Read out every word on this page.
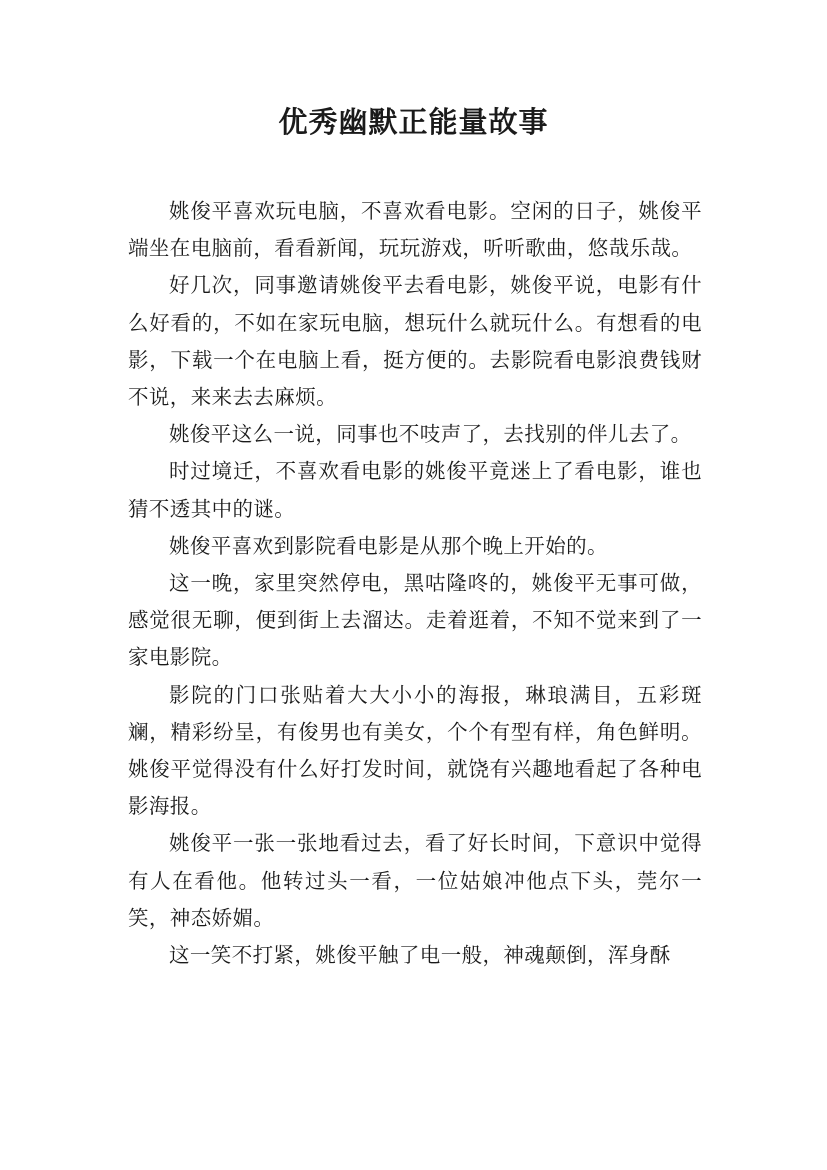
优秀幽默正能量故事

姚俊平喜欢玩电脑，不喜欢看电影。空闲的日子，姚俊平端坐在电脑前，看看新闻，玩玩游戏，听听歌曲，悠哉乐哉。

好几次，同事邀请姚俊平去看电影，姚俊平说，电影有什么好看的，不如在家玩电脑，想玩什么就玩什么。有想看的电影，下载一个在电脑上看，挺方便的。去影院看电影浪费钱财不说，来来去去麻烦。

姚俊平这么一说，同事也不吱声了，去找别的伴儿去了。

时过境迁，不喜欢看电影的姚俊平竟迷上了看电影，谁也猜不透其中的谜。

姚俊平喜欢到影院看电影是从那个晚上开始的。

这一晚，家里突然停电，黑咕隆咚的，姚俊平无事可做，感觉很无聊，便到街上去溜达。走着逛着，不知不觉来到了一家电影院。

影院的门口张贴着大大小小的海报，琳琅满目，五彩斑斓，精彩纷呈，有俊男也有美女，个个有型有样，角色鲜明。姚俊平觉得没有什么好打发时间，就饶有兴趣地看起了各种电影海报。

姚俊平一张一张地看过去，看了好长时间，下意识中觉得有人在看他。他转过头一看，一位姑娘冲他点下头，莞尔一笑，神态娇媚。

这一笑不打紧，姚俊平触了电一般，神魂颠倒，浑身酥
